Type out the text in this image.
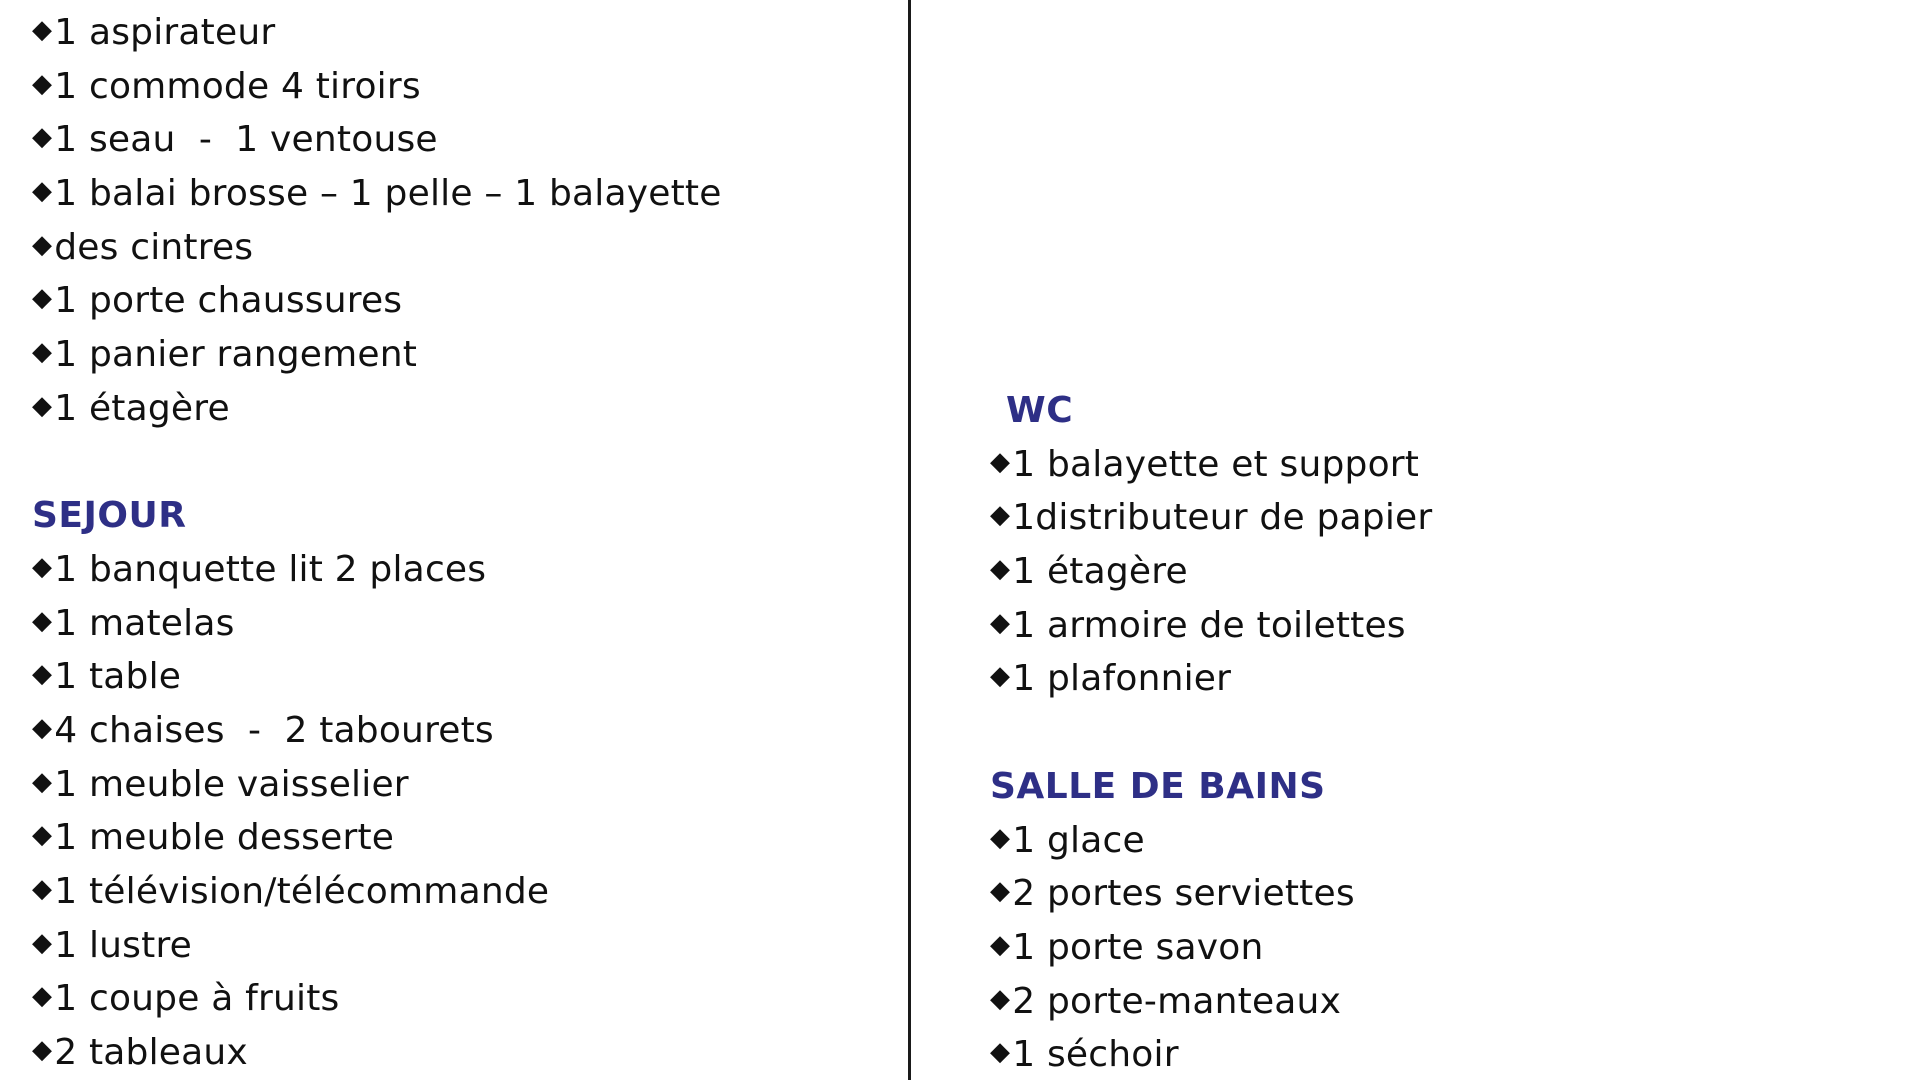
◆1 aspirateur
◆1 commode 4 tiroirs
◆1 seau  -  1 ventouse
◆1 balai brosse – 1 pelle – 1 balayette
◆des cintres
◆1 porte chaussures
◆1 panier rangement
◆1 étagère
SEJOUR
◆1 banquette lit 2 places
◆1 matelas
◆1 table
◆4 chaises  -  2 tabourets
◆1 meuble vaisselier
◆1 meuble desserte
◆1 télévision/télécommande
◆1 lustre
◆1 coupe à fruits
◆2 tableaux
WC
◆1 balayette et support
◆1distributeur de papier
◆1 étagère
◆1 armoire de toilettes
◆1 plafonnier
SALLE DE BAINS
◆1 glace
◆2 portes serviettes
◆1 porte savon
◆2 porte-manteaux
◆1 séchoir
